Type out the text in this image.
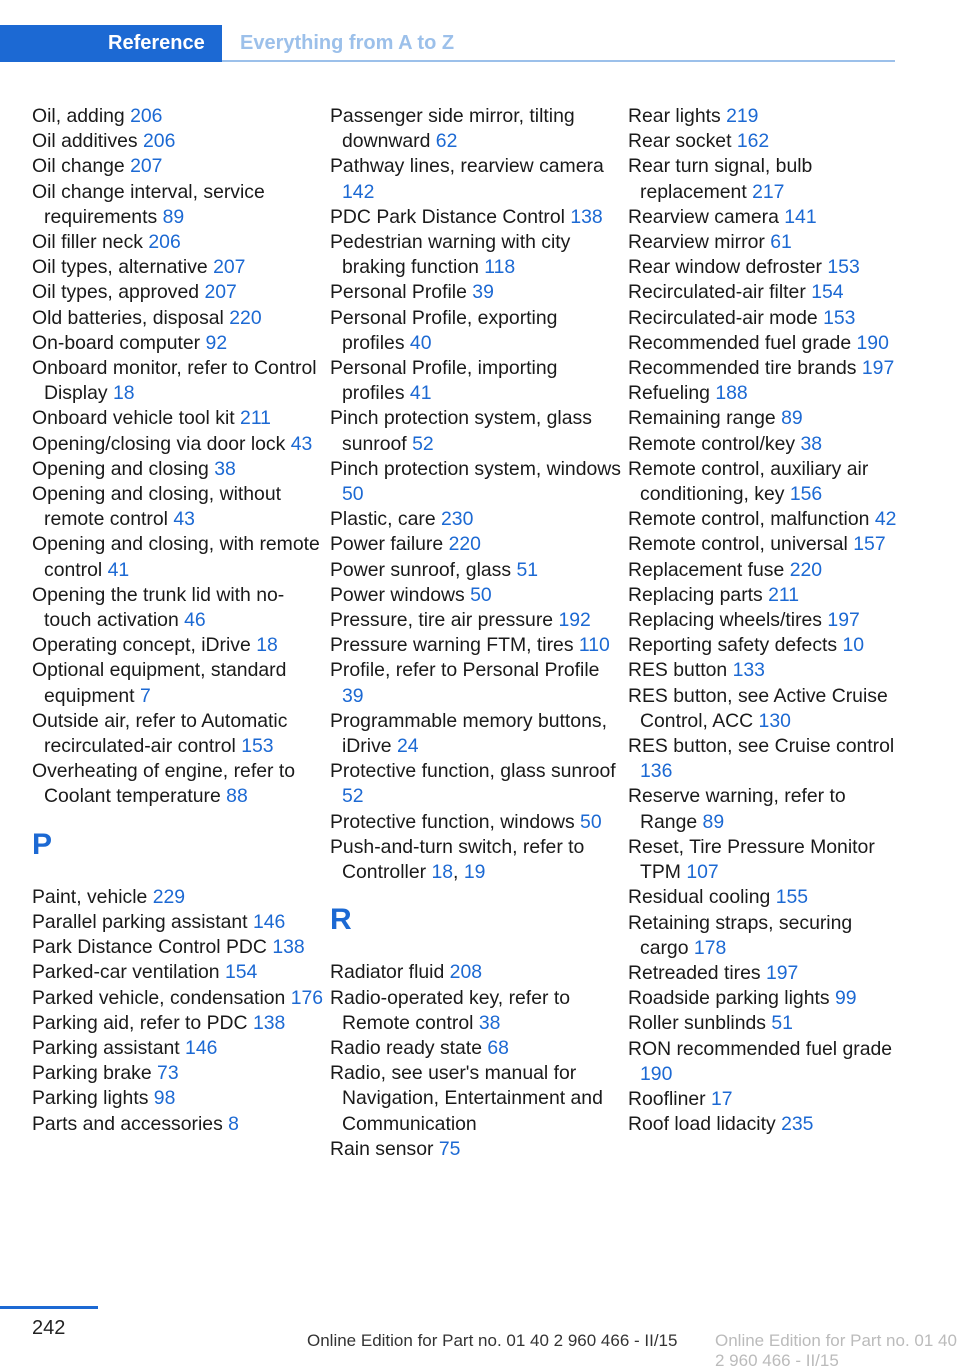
Reference	Everything from A to Z
Oil, adding 206
Oil additives 206
Oil change 207
Oil change interval, service requirements 89
Oil filler neck 206
Oil types, alternative 207
Oil types, approved 207
Old batteries, disposal 220
On-board computer 92
Onboard monitor, refer to Control Display 18
Onboard vehicle tool kit 211
Opening/closing via door lock 43
Opening and closing 38
Opening and closing, without remote control 43
Opening and closing, with remote control 41
Opening the trunk lid with no-touch activation 46
Operating concept, iDrive 18
Optional equipment, standard equipment 7
Outside air, refer to Automatic recirculated-air control 153
Overheating of engine, refer to Coolant temperature 88
P
Paint, vehicle 229
Parallel parking assistant 146
Park Distance Control PDC 138
Parked-car ventilation 154
Parked vehicle, condensation 176
Parking aid, refer to PDC 138
Parking assistant 146
Parking brake 73
Parking lights 98
Parts and accessories 8
Passenger side mirror, tilting downward 62
Pathway lines, rearview camera 142
PDC Park Distance Control 138
Pedestrian warning with city braking function 118
Personal Profile 39
Personal Profile, exporting profiles 40
Personal Profile, importing profiles 41
Pinch protection system, glass sunroof 52
Pinch protection system, windows 50
Plastic, care 230
Power failure 220
Power sunroof, glass 51
Power windows 50
Pressure, tire air pressure 192
Pressure warning FTM, tires 110
Profile, refer to Personal Profile 39
Programmable memory buttons, iDrive 24
Protective function, glass sunroof 52
Protective function, windows 50
Push-and-turn switch, refer to Controller 18, 19
R
Radiator fluid 208
Radio-operated key, refer to Remote control 38
Radio ready state 68
Radio, see user's manual for Navigation, Entertainment and Communication
Rain sensor 75
Rear lights 219
Rear socket 162
Rear turn signal, bulb replacement 217
Rearview camera 141
Rearview mirror 61
Rear window defroster 153
Recirculated-air filter 154
Recirculated-air mode 153
Recommended fuel grade 190
Recommended tire brands 197
Refueling 188
Remaining range 89
Remote control/key 38
Remote control, auxiliary air conditioning, key 156
Remote control, malfunction 42
Remote control, universal 157
Replacement fuse 220
Replacing parts 211
Replacing wheels/tires 197
Reporting safety defects 10
RES button 133
RES button, see Active Cruise Control, ACC 130
RES button, see Cruise control 136
Reserve warning, refer to Range 89
Reset, Tire Pressure Monitor TPM 107
Residual cooling 155
Retaining straps, securing cargo 178
Retreaded tires 197
Roadside parking lights 99
Roller sunblinds 51
RON recommended fuel grade 190
Roofliner 17
Roof load lidacity 235
242
Online Edition for Part no. 01 40 2 960 466 - II/15 Online Edition for Part no. 01 40 2 960 466 - II/15
